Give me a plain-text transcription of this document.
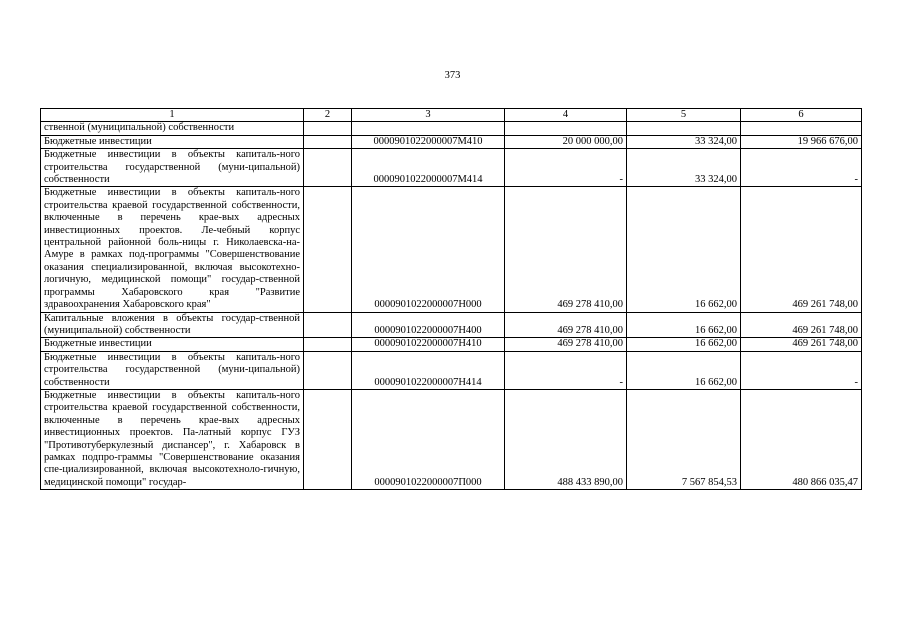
373
1	2	3	4	5	6
ственной (муниципальной) собственности					
Бюджетные инвестиции		0000901022000007М410	20 000 000,00	33 324,00	19 966 676,00
Бюджетные инвестиции в объекты капиталь-ного строительства государственной (муни-ципальной) собственности		0000901022000007М414	-	33 324,00	-
Бюджетные инвестиции в объекты капиталь-ного строительства краевой государственной собственности, включенные в перечень крае-вых адресных инвестиционных проектов. Ле-чебный корпус центральной районной боль-ницы г. Николаевска-на-Амуре в рамках под-программы "Совершенствование оказания специализированной, включая высокотехно-логичную, медицинской помощи" государ-ственной программы Хабаровского края "Развитие здравоохранения Хабаровского края"		0000901022000007Н000	469 278 410,00	16 662,00	469 261 748,00
Капитальные вложения в объекты государ-ственной (муниципальной) собственности		0000901022000007Н400	469 278 410,00	16 662,00	469 261 748,00
Бюджетные инвестиции		0000901022000007Н410	469 278 410,00	16 662,00	469 261 748,00
Бюджетные инвестиции в объекты капиталь-ного строительства государственной (муни-ципальной) собственности		0000901022000007Н414	-	16 662,00	-
Бюджетные инвестиции в объекты капиталь-ного строительства краевой государственной собственности, включенные в перечень крае-вых адресных инвестиционных проектов. Па-латный корпус ГУЗ "Противотуберкулезный диспансер", г. Хабаровск в рамках подпро-граммы "Совершенствование оказания спе-циализированной, включая высокотехноло-гичную, медицинской помощи" государ-		0000901022000007П000	488 433 890,00	7 567 854,53	480 866 035,47
